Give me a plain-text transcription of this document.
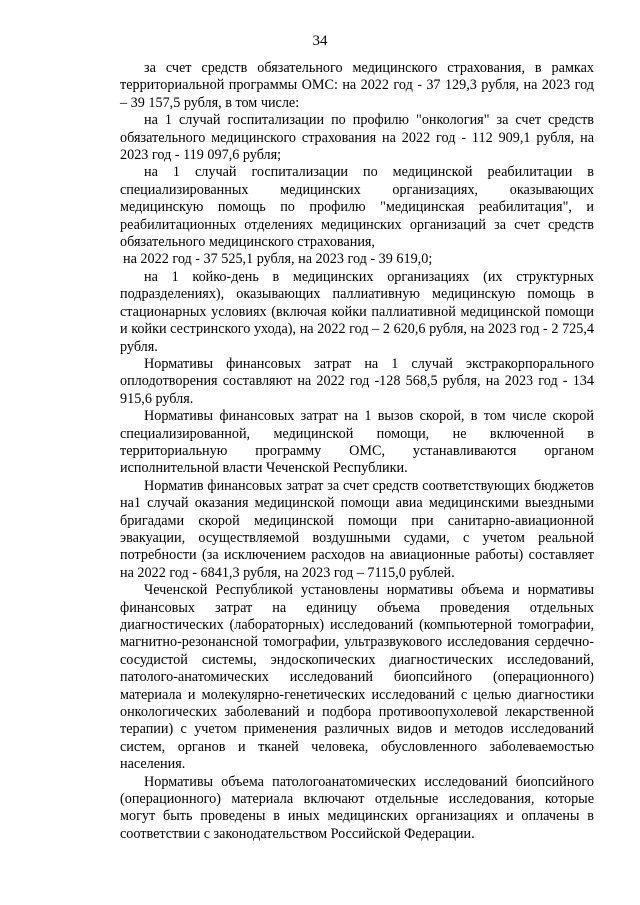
34

за счет средств обязательного медицинского страхования, в рамках территориальной программы ОМС: на 2022 год - 37 129,3 рубля, на 2023 год – 39 157,5 рубля, в том числе:

на 1 случай госпитализации по профилю "онкология" за счет средств обязательного медицинского страхования на 2022 год - 112 909,1 рубля, на 2023 год - 119 097,6 рубля;

на 1 случай госпитализации по медицинской реабилитации в специализированных медицинских организациях, оказывающих медицинскую помощь по профилю "медицинская реабилитация", и реабилитационных отделениях медицинских организаций за счет средств обязательного медицинского страхования,

на 2022 год - 37 525,1 рубля, на 2023 год - 39 619,0;

на 1 койко-день в медицинских организациях (их структурных подразделениях), оказывающих паллиативную медицинскую помощь в стационарных условиях (включая койки паллиативной медицинской помощи и койки сестринского ухода), на 2022 год – 2 620,6 рубля, на 2023 год - 2 725,4 рубля.

Нормативы финансовых затрат на 1 случай экстракорпорального оплодотворения составляют на 2022 год -128 568,5 рубля, на 2023 год - 134 915,6 рубля.

Нормативы финансовых затрат на 1 вызов скорой, в том числе скорой специализированной, медицинской помощи, не включенной в территориальную программу ОМС, устанавливаются органом исполнительной власти Чеченской Республики.

Норматив финансовых затрат за счет средств соответствующих бюджетов на1 случай оказания медицинской помощи авиа медицинскими выездными бригадами скорой медицинской помощи при санитарно-авиационной эвакуации, осуществляемой воздушными судами, с учетом реальной потребности (за исключением расходов на авиационные работы) составляет на 2022 год - 6841,3 рубля, на 2023 год – 7115,0 рублей.

Чеченской Республикой установлены нормативы объема и нормативы финансовых затрат на единицу объема проведения отдельных диагностических (лабораторных) исследований (компьютерной томографии, магнитно-резонансной томографии, ультразвукового исследования сердечно-сосудистой системы, эндоскопических диагностических исследований, патолого-анатомических исследований биопсийного (операционного) материала и молекулярно-генетических исследований с целью диагностики онкологических заболеваний и подбора противоопухолевой лекарственной терапии) с учетом применения различных видов и методов исследований систем, органов и тканей человека, обусловленного заболеваемостью населения.

Нормативы объема патологоанатомических исследований биопсийного (операционного) материала включают отдельные исследования, которые могут быть проведены в иных медицинских организациях и оплачены в соответствии с законодательством Российской Федерации.
